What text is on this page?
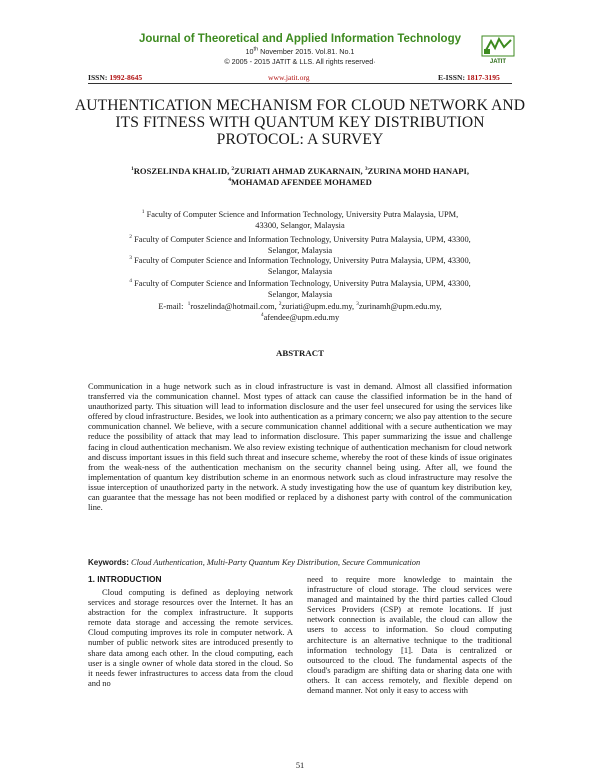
Journal of Theoretical and Applied Information Technology
10th November 2015. Vol.81. No.1
© 2005 - 2015 JATIT & LLS. All rights reserved·	JATIT
ISSN: 1992-8645	www.jatit.org	E-ISSN: 1817-3195
AUTHENTICATION MECHANISM FOR CLOUD NETWORK AND ITS FITNESS WITH QUANTUM KEY DISTRIBUTION PROTOCOL: A SURVEY
$^1$ROSZELINDA KHALID, $^2$ZURIATI AHMAD ZUKARNAIN, $^3$ZURINA MOHD HANAPI,
$^4$MOHAMAD AFENDEE MOHAMED
$^1$ Faculty of Computer Science and Information Technology, University Putra Malaysia, UPM,
43300, Selangor, Malaysia
$^2$ Faculty of Computer Science and Information Technology, University Putra Malaysia, UPM, 43300,
Selangor, Malaysia
$^3$ Faculty of Computer Science and Information Technology, University Putra Malaysia, UPM, 43300,
Selangor, Malaysia
$^4$ Faculty of Computer Science and Information Technology, University Putra Malaysia, UPM, 43300,
Selangor, Malaysia
E-mail: $^1$roszelinda@hotmail.com, $^2$zuriati@upm.edu.my, $^3$zurinamh@upm.edu.my,
$^4$afendee@upm.edu.my
ABSTRACT
Communication in a huge network such as in cloud infrastructure is vast in demand. Almost all classified information transferred via the communication channel. Most types of attack can cause the classified information be in the hand of unauthorized party. This situation will lead to information disclosure and the user feel unsecured for using the services like offered by cloud infrastructure. Besides, we look into authentication as a primary concern; we also pay attention to the secure communication channel. We believe, with a secure communication channel additional with a secure authentication we may reduce the possibility of attack that may lead to information disclosure. This paper summarizing the issue and challenge facing in cloud authentication mechanism. We also review existing technique of authentication mechanism for cloud network and discuss important issues in this field such threat and insecure scheme, whereby the root of these kinds of issue originates from the weak-ness of the authentication mechanism on the security channel being using. After all, we found the implementation of quantum key distribution scheme in an enormous network such as cloud infrastructure may resolve the issue interception of unauthorized party in the network. A study investigating how the use of quantum key distribution key, can guarantee that the message has not been modified or replaced by a dishonest party with control of the communication line.
Keywords: Cloud Authentication, Multi-Party Quantum Key Distribution, Secure Communication
1. INTRODUCTION
Cloud computing is defined as deploying network services and storage resources over the Internet. It has an abstraction for the complex infrastructure. It supports remote data storage and accessing the remote services. Cloud computing improves its role in computer network. A number of public network sites are introduced presently to share data among each other. In the cloud computing, each user is a single owner of whole data stored in the cloud. So it needs fewer infrastructures to access data from the cloud and no
need to require more knowledge to maintain the infrastructure of cloud storage. The cloud services were managed and maintained by the third parties called Cloud Services Providers (CSP) at remote locations. If just network connection is available, the cloud can allow the users to access to information. So cloud computing architecture is an alternative technique to the traditional information technology [1]. Data is centralized or outsourced to the cloud. The fundamental aspects of the cloud's paradigm are shifting data or sharing data one with others. It can access remotely, and flexible depend on demand manner. Not only it easy to access with
51
